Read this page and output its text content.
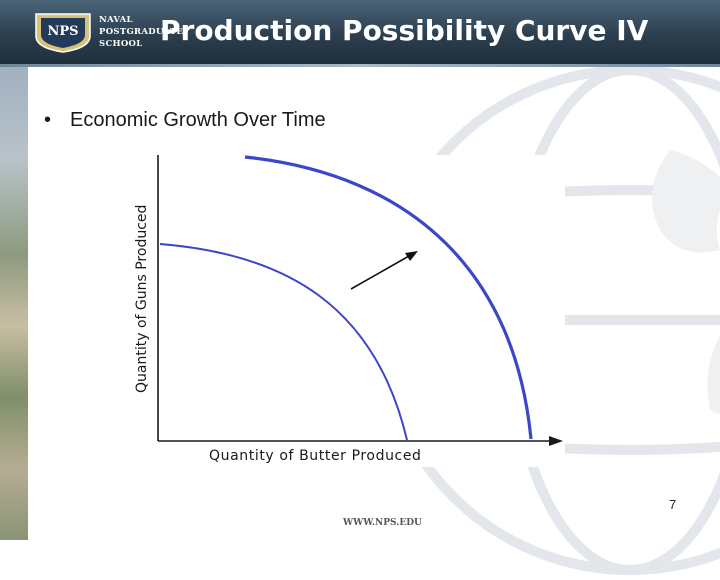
NPS
NAVAL
POSTGRADUATE
SCHOOL Production Possibility Curve IV
• Economic Growth Over Time
Quantity of Guns Produced
Quantity of Butter Produced
7
WWW.NPS.EDU
